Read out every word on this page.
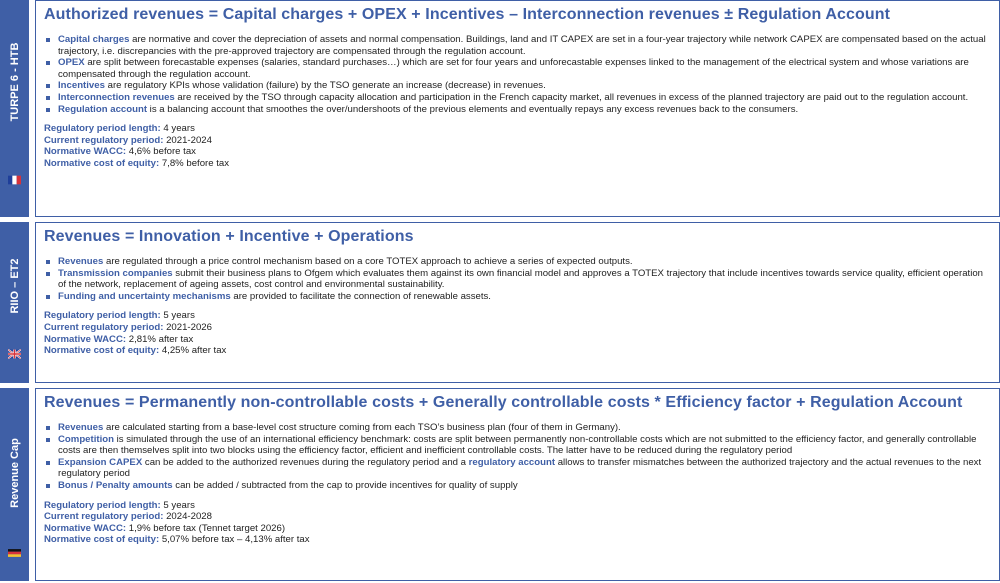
TURPE 6 - HTB
Authorized revenues = Capital charges + OPEX + Incentives – Interconnection revenues ± Regulation Account
Capital charges are normative and cover the depreciation of assets and normal compensation. Buildings, land and IT CAPEX are set in a four-year trajectory while network CAPEX are compensated based on the actual trajectory, i.e. discrepancies with the pre-approved trajectory are compensated through the regulation account.
OPEX are split between forecastable expenses (salaries, standard purchases…) which are set for four years and unforecastable expenses linked to the management of the electrical system and whose variations are compensated through the regulation account.
Incentives are regulatory KPIs whose validation (failure) by the TSO generate an increase (decrease) in revenues.
Interconnection revenues are received by the TSO through capacity allocation and participation in the French capacity market, all revenues in excess of the planned trajectory are paid out to the regulation account.
Regulation account is a balancing account that smoothes the over/undershoots of the previous elements and eventually repays any excess revenues back to the consumers.
Regulatory period length: 4 years
Current regulatory period: 2021-2024
Normative WACC: 4,6% before tax
Normative cost of equity: 7,8% before tax
RIIO – ET2
Revenues = Innovation + Incentive + Operations
Revenues are regulated through a price control mechanism based on a core TOTEX approach to achieve a series of expected outputs.
Transmission companies submit their business plans to Ofgem which evaluates them against its own financial model and approves a TOTEX trajectory that include incentives towards service quality, efficient operation of the network, replacement of ageing assets, cost control and environmental sustainability.
Funding and uncertainty mechanisms are provided to facilitate the connection of renewable assets.
Regulatory period length: 5 years
Current regulatory period: 2021-2026
Normative WACC: 2,81% after tax
Normative cost of equity: 4,25% after tax
Revenue Cap
Revenues = Permanently non-controllable costs + Generally controllable costs * Efficiency factor + Regulation Account
Revenues are calculated starting from a base-level cost structure coming from each TSO’s business plan (four of them in Germany).
Competition is simulated through the use of an international efficiency benchmark: costs are split between permanently non-controllable costs which are not submitted to the efficiency factor, and generally controllable costs are then themselves split into two blocks using the efficiency factor, efficient and inefficient controllable costs. The latter have to be reduced during the regulatory period
Expansion CAPEX can be added to the authorized revenues during the regulatory period and a regulatory account allows to transfer mismatches between the authorized trajectory and the actual revenues to the next regulatory period
Bonus / Penalty amounts can be added / subtracted from the cap to provide incentives for quality of supply
Regulatory period length: 5 years
Current regulatory period: 2024-2028
Normative WACC: 1,9% before tax (Tennet target 2026)
Normative cost of equity: 5,07% before tax – 4,13% after tax
